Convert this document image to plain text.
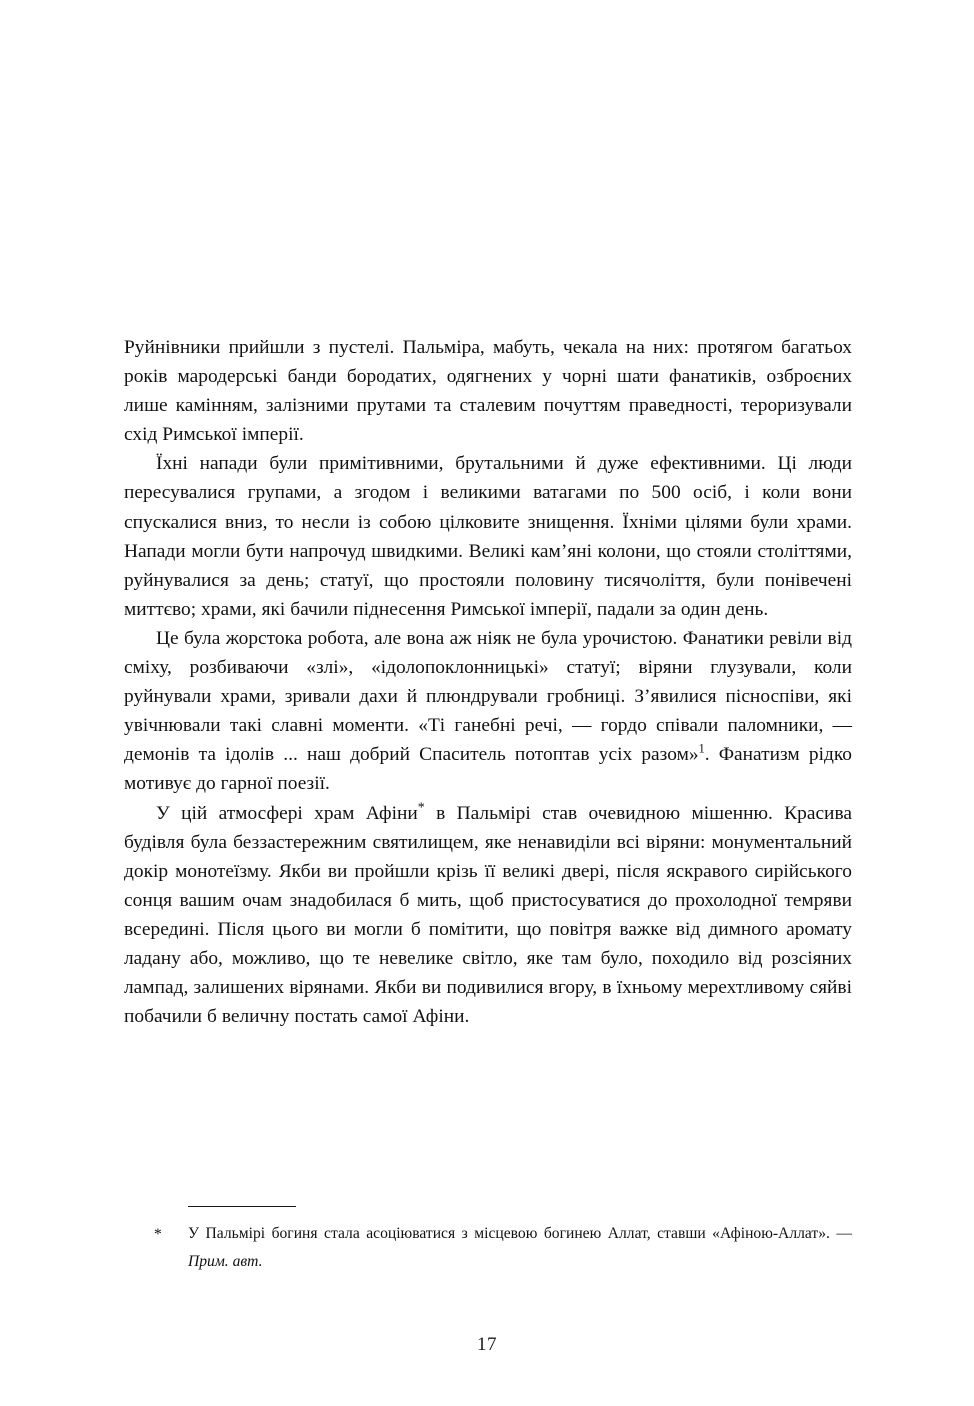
Руйнівники прийшли з пустелі. Пальміра, мабуть, чекала на них: протягом багатьох років мародерські банди бородатих, одягнених у чорні шати фанатиків, озброєних лише камінням, залізними прутами та сталевим почуттям праведності, тероризували схід Римської імперії.

Їхні напади були примітивними, брутальними й дуже ефективними. Ці люди пересувалися групами, а згодом і великими ватагами по 500 осіб, і коли вони спускалися вниз, то несли із собою цілковите знищення. Їхніми цілями були храми. Напади могли бути напрочуд швидкими. Великі кам’яні колони, що стояли століттями, руйнувалися за день; статуї, що простояли половину тисячоліття, були понівечені миттєво; храми, які бачили піднесення Римської імперії, падали за один день.

Це була жорстока робота, але вона аж ніяк не була урочистою. Фанатики ревіли від сміху, розбиваючи «злі», «ідолопоклонницькі» статуї; віряни глузували, коли руйнували храми, зривали дахи й плюндрували гробниці. З’явилися пісноспіви, які увічнювали такі славні моменти. «Ті ганебні речі, — гордо співали паломники, — демонів та ідолів ... наш добрий Спаситель потоптав усіх разом»$^1$. Фанатизм рідко мотивує до гарної поезії.

У цій атмосфері храм Афіни* в Пальмірі став очевидною мішенню. Красива будівля була беззастережним святилищем, яке ненавиділи всі віряни: монументальний докір монотеїзму. Якби ви пройшли крізь її великі двері, після яскравого сирійського сонця вашим очам знадобилася б мить, щоб пристосуватися до прохолодної темряви всередині. Після цього ви могли б помітити, що повітря важке від димного аромату ладану або, можливо, що те невелике світло, яке там було, походило від розсіяних лампад, залишених вірянами. Якби ви подивилися вгору, в їхньому мерехтливому сяйві побачили б величну постать самої Афіни.

* У Пальмірі богиня стала асоціюватися з місцевою богинею Аллат, ставши «Афіною-Аллат». — Прим. авт.
17
